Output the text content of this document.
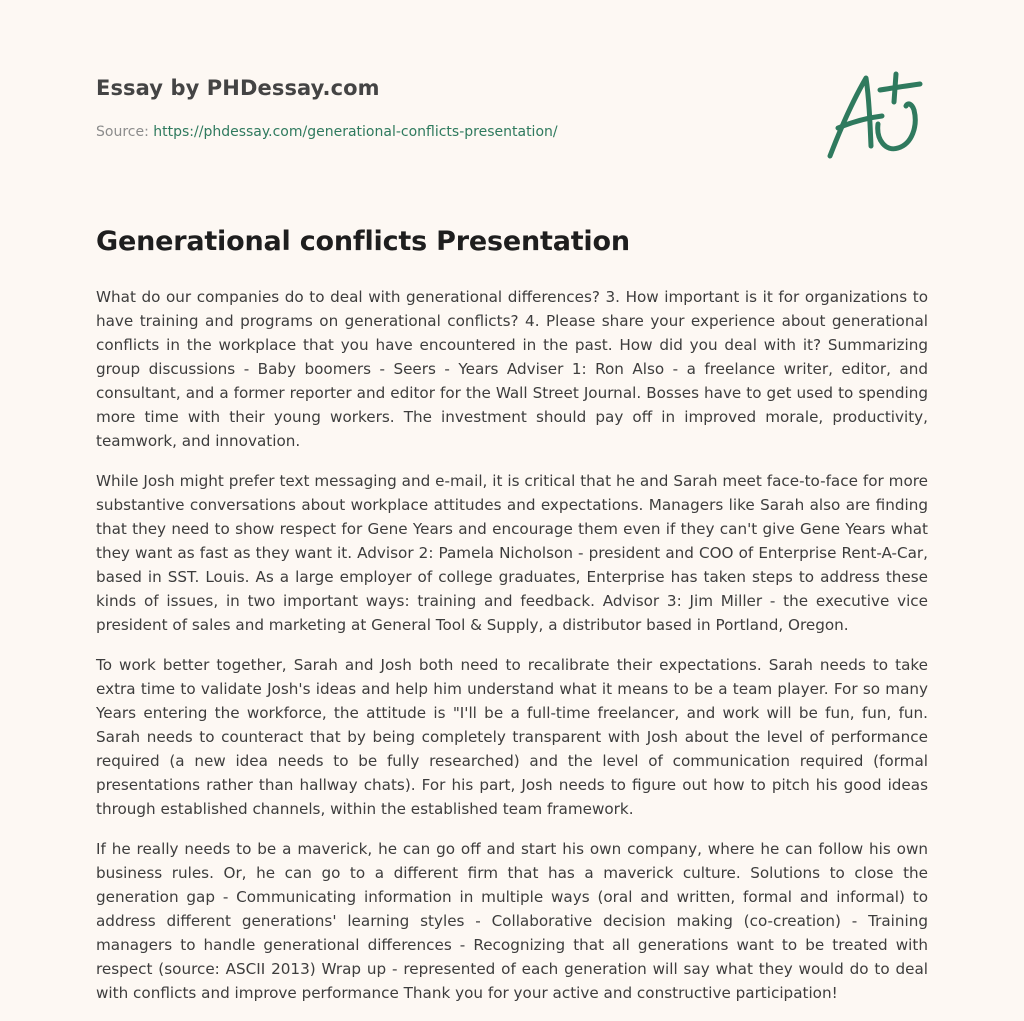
Essay by PHDessay.com
Source: https://phdessay.com/generational-conflicts-presentation/
Generational conflicts Presentation

What do our companies do to deal with generational differences? 3. How important is it for organizations to have training and programs on generational conflicts? 4. Please share your experience about generational conflicts in the workplace that you have encountered in the past. How did you deal with it? Summarizing group discussions - Baby boomers - Seers - Years Adviser 1: Ron Also - a freelance writer, editor, and consultant, and a former reporter and editor for the Wall Street Journal. Bosses have to get used to spending more time with their young workers. The investment should pay off in improved morale, productivity, teamwork, and innovation.

While Josh might prefer text messaging and e-mail, it is critical that he and Sarah meet face-to-face for more substantive conversations about workplace attitudes and expectations. Managers like Sarah also are finding that they need to show respect for Gene Years and encourage them even if they can't give Gene Years what they want as fast as they want it. Advisor 2: Pamela Nicholson - president and COO of Enterprise Rent-A-Car, based in SST. Louis. As a large employer of college graduates, Enterprise has taken steps to address these kinds of issues, in two important ways: training and feedback. Advisor 3: Jim Miller - the executive vice president of sales and marketing at General Tool & Supply, a distributor based in Portland, Oregon.

To work better together, Sarah and Josh both need to recalibrate their expectations. Sarah needs to take extra time to validate Josh's ideas and help him understand what it means to be a team player. For so many Years entering the workforce, the attitude is "I'll be a full-time freelancer, and work will be fun, fun, fun. Sarah needs to counteract that by being completely transparent with Josh about the level of performance required (a new idea needs to be fully researched) and the level of communication required (formal presentations rather than hallway chats). For his part, Josh needs to figure out how to pitch his good ideas through established channels, within the established team framework.

If he really needs to be a maverick, he can go off and start his own company, where he can follow his own business rules. Or, he can go to a different firm that has a maverick culture. Solutions to close the generation gap - Communicating information in multiple ways (oral and written, formal and informal) to address different generations' learning styles - Collaborative decision making (co-creation) - Training managers to handle generational differences - Recognizing that all generations want to be treated with respect (source: ASCII 2013) Wrap up - represented of each generation will say what they would do to deal with conflicts and improve performance Thank you for your active and constructive participation!
